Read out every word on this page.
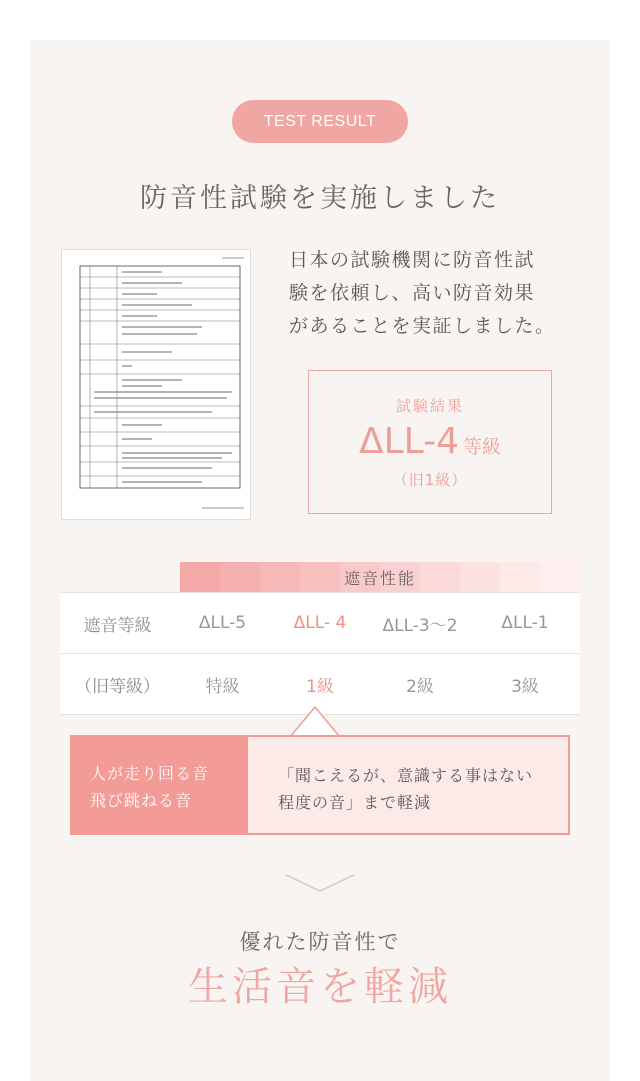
TEST RESULT
防音性試験を実施しました
日本の試験機関に防音性試
験を依頼し、高い防音効果
があることを実証しました。
試験結果
ΔLL-4 等級
（旧1級）
遮音性能
遮音等級	ΔLL-5	ΔLL- 4	ΔLL-3〜2	ΔLL-1
（旧等級）	特級	1級	2級	3級
人が走り回る音
飛び跳ねる音
「聞こえるが、意識する事はない
程度の音」まで軽減
優れた防音性で
生活音を軽減
